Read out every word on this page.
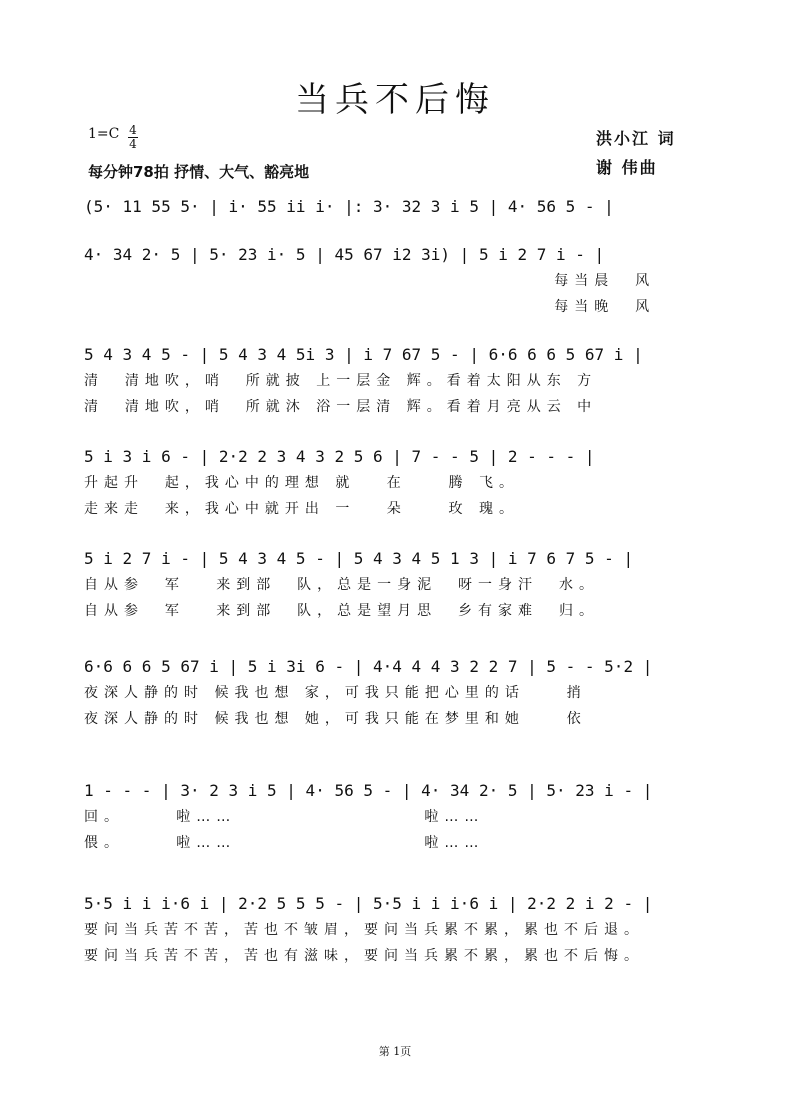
当兵不后悔
1=C 4
4
每分钟78拍 抒情、大气、豁亮地
洪小江 词
谢 伟曲
(5· 11 55 5· | i· 55 ii i· |: 3· 32 3 i 5 | 4· 56 5 - |
4· 34 2· 5 | 5· 23 i· 5 | 45 67 i2 3i) | 5 i 2 7 i - |
每当晨  风
每当晚  风
5 4 3 4 5 - | 5 4 3 4 5i 3 | i 7 67 5 - | 6·6 6 6 5 67 i |
清  清地吹，哨  所就披 上一层金 辉。看着太阳从东 方
清  清地吹，哨  所就沐 浴一层清 辉。看着月亮从云 中
5 i 3 i 6 - | 2·2 2 3 4 3 2 5 6 | 7 - - 5 | 2 - - - |
升起升  起，我心中的理想 就   在    腾 飞。
走来走  来，我心中就开出 一   朵    玫 瑰。
5 i 2 7 i - | 5 4 3 4 5 - | 5 4 3 4 5 1 3 | i 7 6 7 5 - |
自从参  军   来到部  队，总是一身泥  呀一身汗  水。
自从参  军   来到部  队，总是望月思  乡有家难  归。
6·6 6 6 5 67 i | 5 i 3i 6 - | 4·4 4 4 3 2 2 7 | 5 - - 5·2 |
夜深人静的时 候我也想 家，可我只能把心里的话    捎
夜深人静的时 候我也想 她，可我只能在梦里和她    依
1 - - - | 3· 2 3 i 5 | 4· 56 5 - | 4· 34 2· 5 | 5· 23 i - |
回。     啦……                  啦……
偎。     啦……                  啦……
5·5 i i i·6 i | 2·2 5 5 5 - | 5·5 i i i·6 i | 2·2 2 i 2 - |
要问当兵苦不苦，苦也不皱眉，要问当兵累不累，累也不后退。
要问当兵苦不苦，苦也有滋味，要问当兵累不累，累也不后悔。
第 1页
